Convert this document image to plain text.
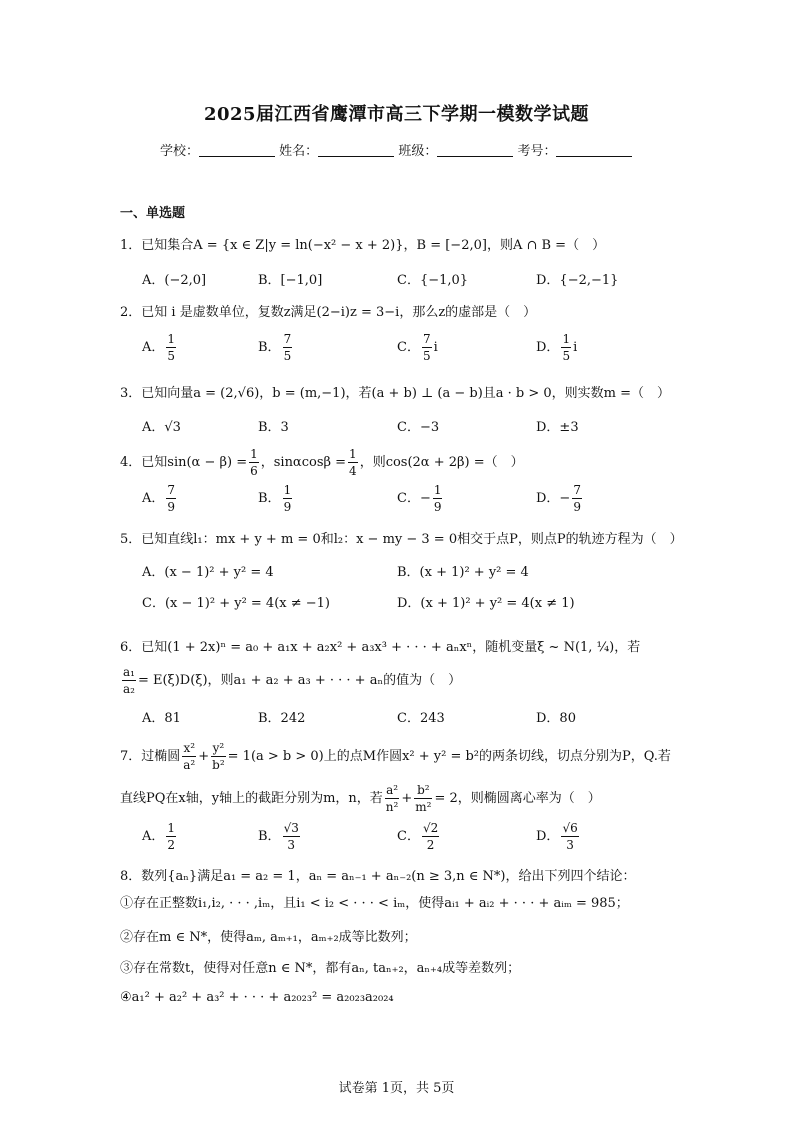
2025届江西省鹰潭市高三下学期一模数学试题
学校：	姓名：	班级：	考号：
一、单选题
1．已知集合A = {x ∈ Z|y = ln(−x² − x + 2)}，B = [−2,0]，则A ∩ B =（　）
A．(−2,0]	B．[−1,0]	C．{−1,0}	D．{−2,−1}
2．已知 i 是虚数单位，复数z满足(2−i)z = 3−i，那么z的虚部是（　）
A． $\frac{1}{5}$	B． $\frac{7}{5}$	C． $\frac{7}{5}$ i	D． $\frac{1}{5}$ i
3．已知向量a = (2,√6)，b = (m,−1)，若(a + b) ⊥ (a − b)且a · b > 0，则实数m =（　）
A．√3	B．3	C．−3	D．±3
4．已知$\sin(\alpha - \beta) = \frac{1}{6}$ ，$\sin\alpha\cos\beta = \frac{1}{4}$ ，则cos(2α + 2β) =（　）
A． $\frac{7}{9}$	B． $\frac{1}{9}$	C．− $\frac{1}{9}$	D．− $\frac{7}{9}$
5．已知直线l₁：mx + y + m = 0和l₂：x − my − 3 = 0相交于点P，则点P的轨迹方程为（　）
A．(x − 1)² + y² = 4	B．(x + 1)² + y² = 4
C．(x − 1)² + y² = 4(x ≠ −1)	D．(x + 1)² + y² = 4(x ≠ 1)
6．已知(1 + 2x)ⁿ = a₀ + a₁x + a₂x² + a₃x³ + · · · + aₙxⁿ，随机变量ξ ~ N(1, ¼)，若
$\frac{\text{a₁}}{\text{a₂}} = E(\xi)D(\xi)$，则a₁ + a₂ + a₃ + · · · + aₙ的值为（　）
A．81	B．242	C．243	D．80
7．过椭圆 $\frac{\text{x²}}{\text{a²}} + \frac{\text{y²}}{\text{b²}} = 1(a > b > 0)$上的点M作圆x² + y² = b²的两条切线，切点分别为P，Q.若
直线PQ在x轴，y轴上的截距分别为m，n，若 $\frac{\text{a²}}{\text{n²}} + \frac{\text{b²}}{\text{m²}} = 2$，则椭圆离心率为（　）
A． $\frac{1}{2}$	B． $\frac{√3}{3}$	C． $\frac{√2}{2}$	D． $\frac{√6}{3}$
8．数列{aₙ}满足a₁ = a₂ = 1，aₙ = aₙ₋₁ + aₙ₋₂(n ≥ 3,n ∈ N*)，给出下列四个结论：
①存在正整数i₁,i₂, · · · ,iₘ，且i₁ < i₂ < · · · < iₘ，使得aᵢ₁ + aᵢ₂ + · · · + aᵢₘ = 985；
②存在m ∈ N*，使得aₘ, aₘ₊₁，aₘ₊₂成等比数列；
③存在常数t，使得对任意n ∈ N*，都有aₙ, taₙ₊₂，aₙ₊₄成等差数列；
④a₁² + a₂² + a₃² + · · · + a₂₀₂₃² = a₂₀₂₃a₂₀₂₄
试卷第 1页，共 5页
